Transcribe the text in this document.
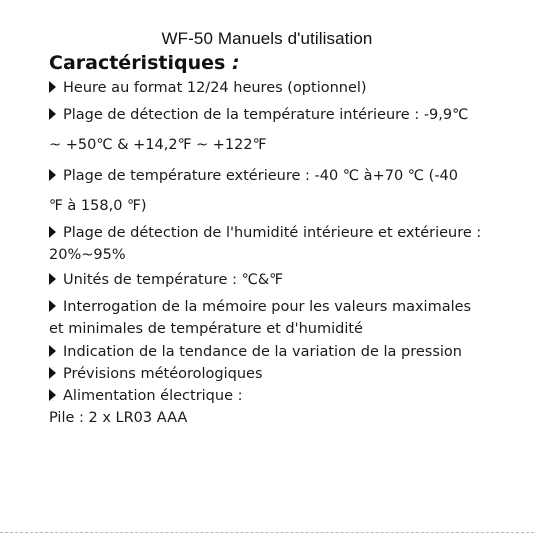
WF-50 Manuels d'utilisation
Caractéristiques :
Heure au format 12/24 heures (optionnel)
Plage de détection de la température intérieure : -9,9℃
~ +50℃ & +14,2℉ ~ +122℉
Plage de température extérieure : -40 ℃ à+70 ℃ (-40
℉ à 158,0 ℉)
Plage de détection de l'humidité intérieure et extérieure :
20%~95%
Unités de température : ℃&℉
Interrogation de la mémoire pour les valeurs maximales
et minimales de température et d'humidité
Indication de la tendance de la variation de la pression
Prévisions météorologiques
Alimentation électrique :
Pile : 2 x LR03 AAA
